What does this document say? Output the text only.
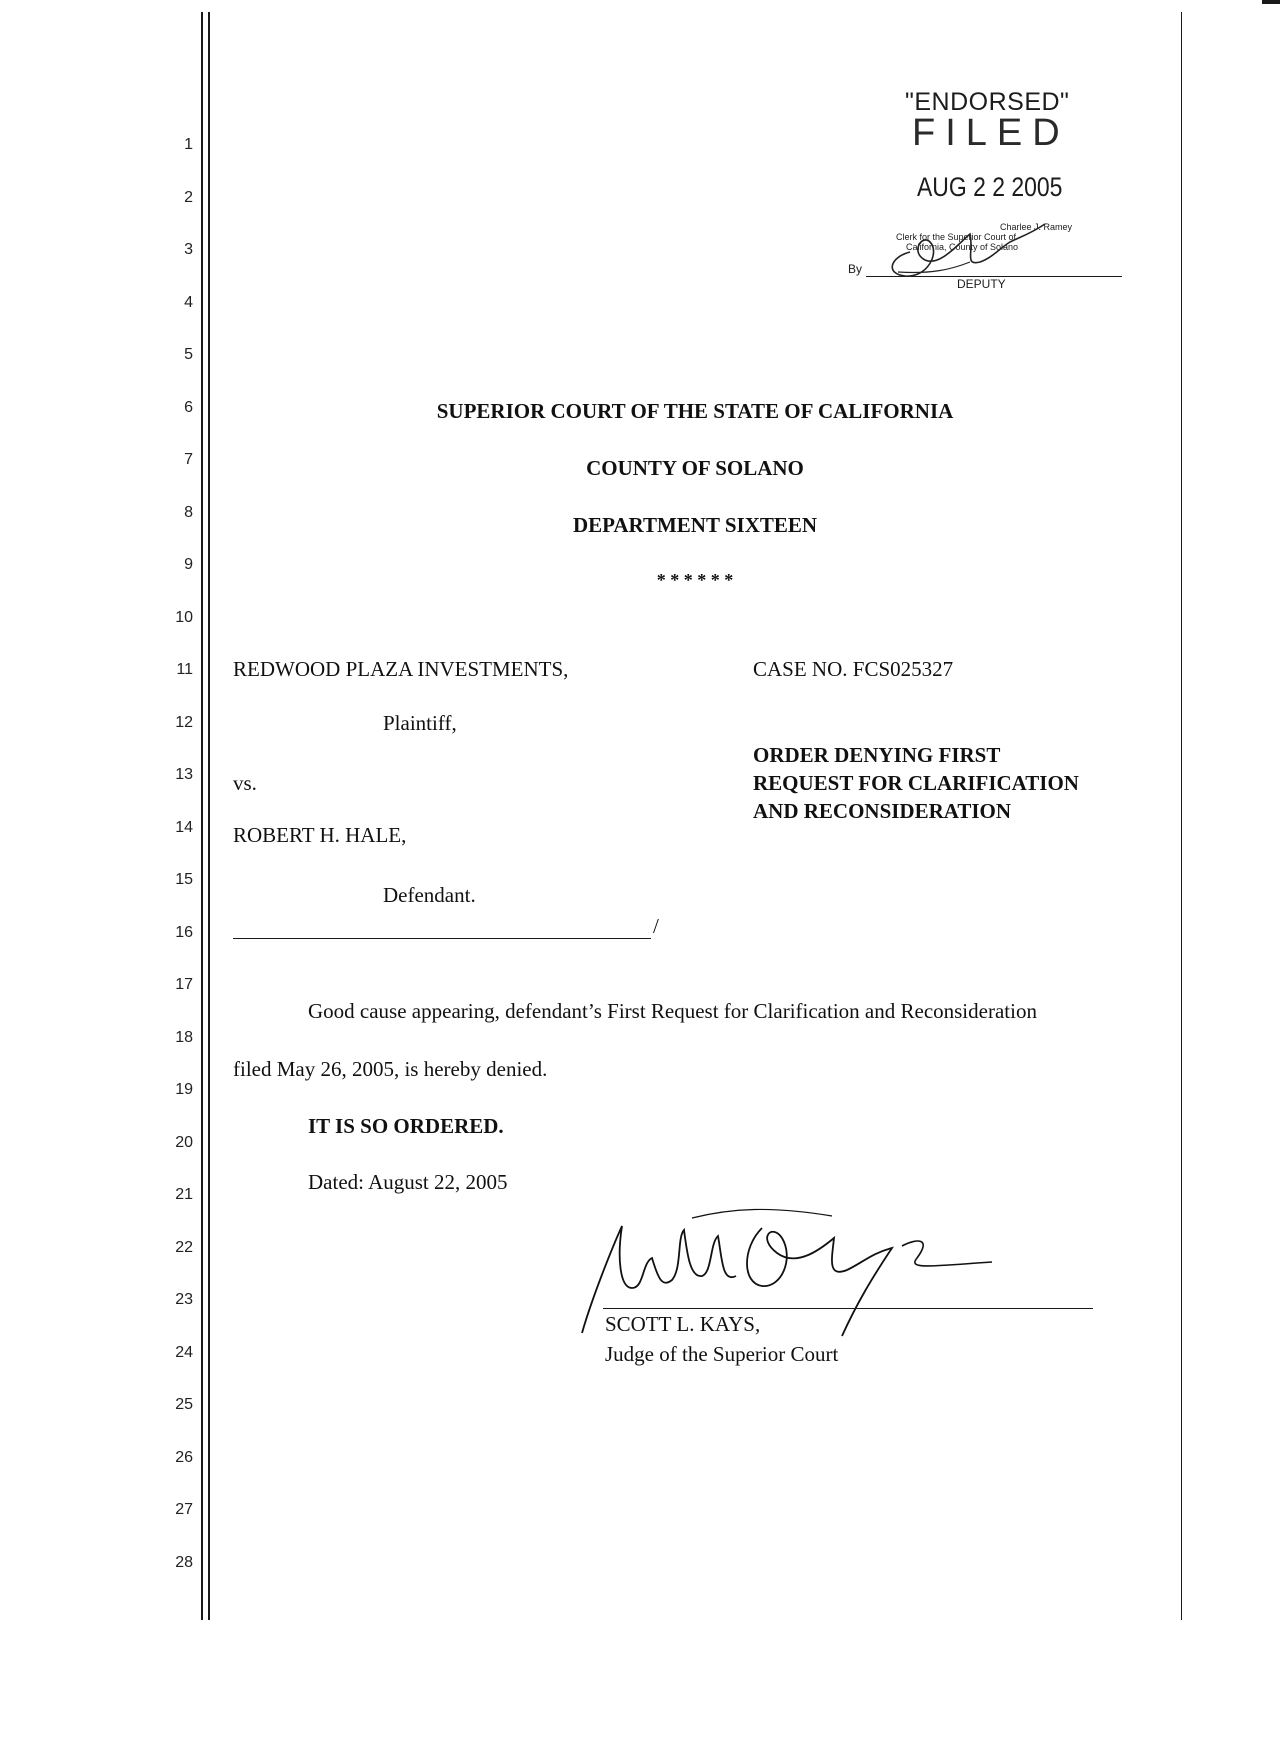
1
2
3
4
5
6
7
8
9
10
11
12
13
14
15
16
17
18
19
20
21
22
23
24
25
26
27
28
"ENDORSED"
FILED
AUG 2 2 2005
Charlee J. Ramey
Clerk for the Superior Court of
California, County of Solano
By
DEPUTY
SUPERIOR COURT OF THE STATE OF CALIFORNIA
COUNTY OF SOLANO
DEPARTMENT SIXTEEN
* * * * * *
REDWOOD PLAZA INVESTMENTS,	CASE NO. FCS025327
Plaintiff,
ORDER DENYING FIRST
REQUEST FOR CLARIFICATION
AND RECONSIDERATION
vs.
ROBERT H. HALE,
Defendant.
/
Good cause appearing, defendant’s First Request for Clarification and Reconsideration
filed May 26, 2005, is hereby denied.
IT IS SO ORDERED.
Dated: August 22, 2005
SCOTT L. KAYS,
Judge of the Superior Court
